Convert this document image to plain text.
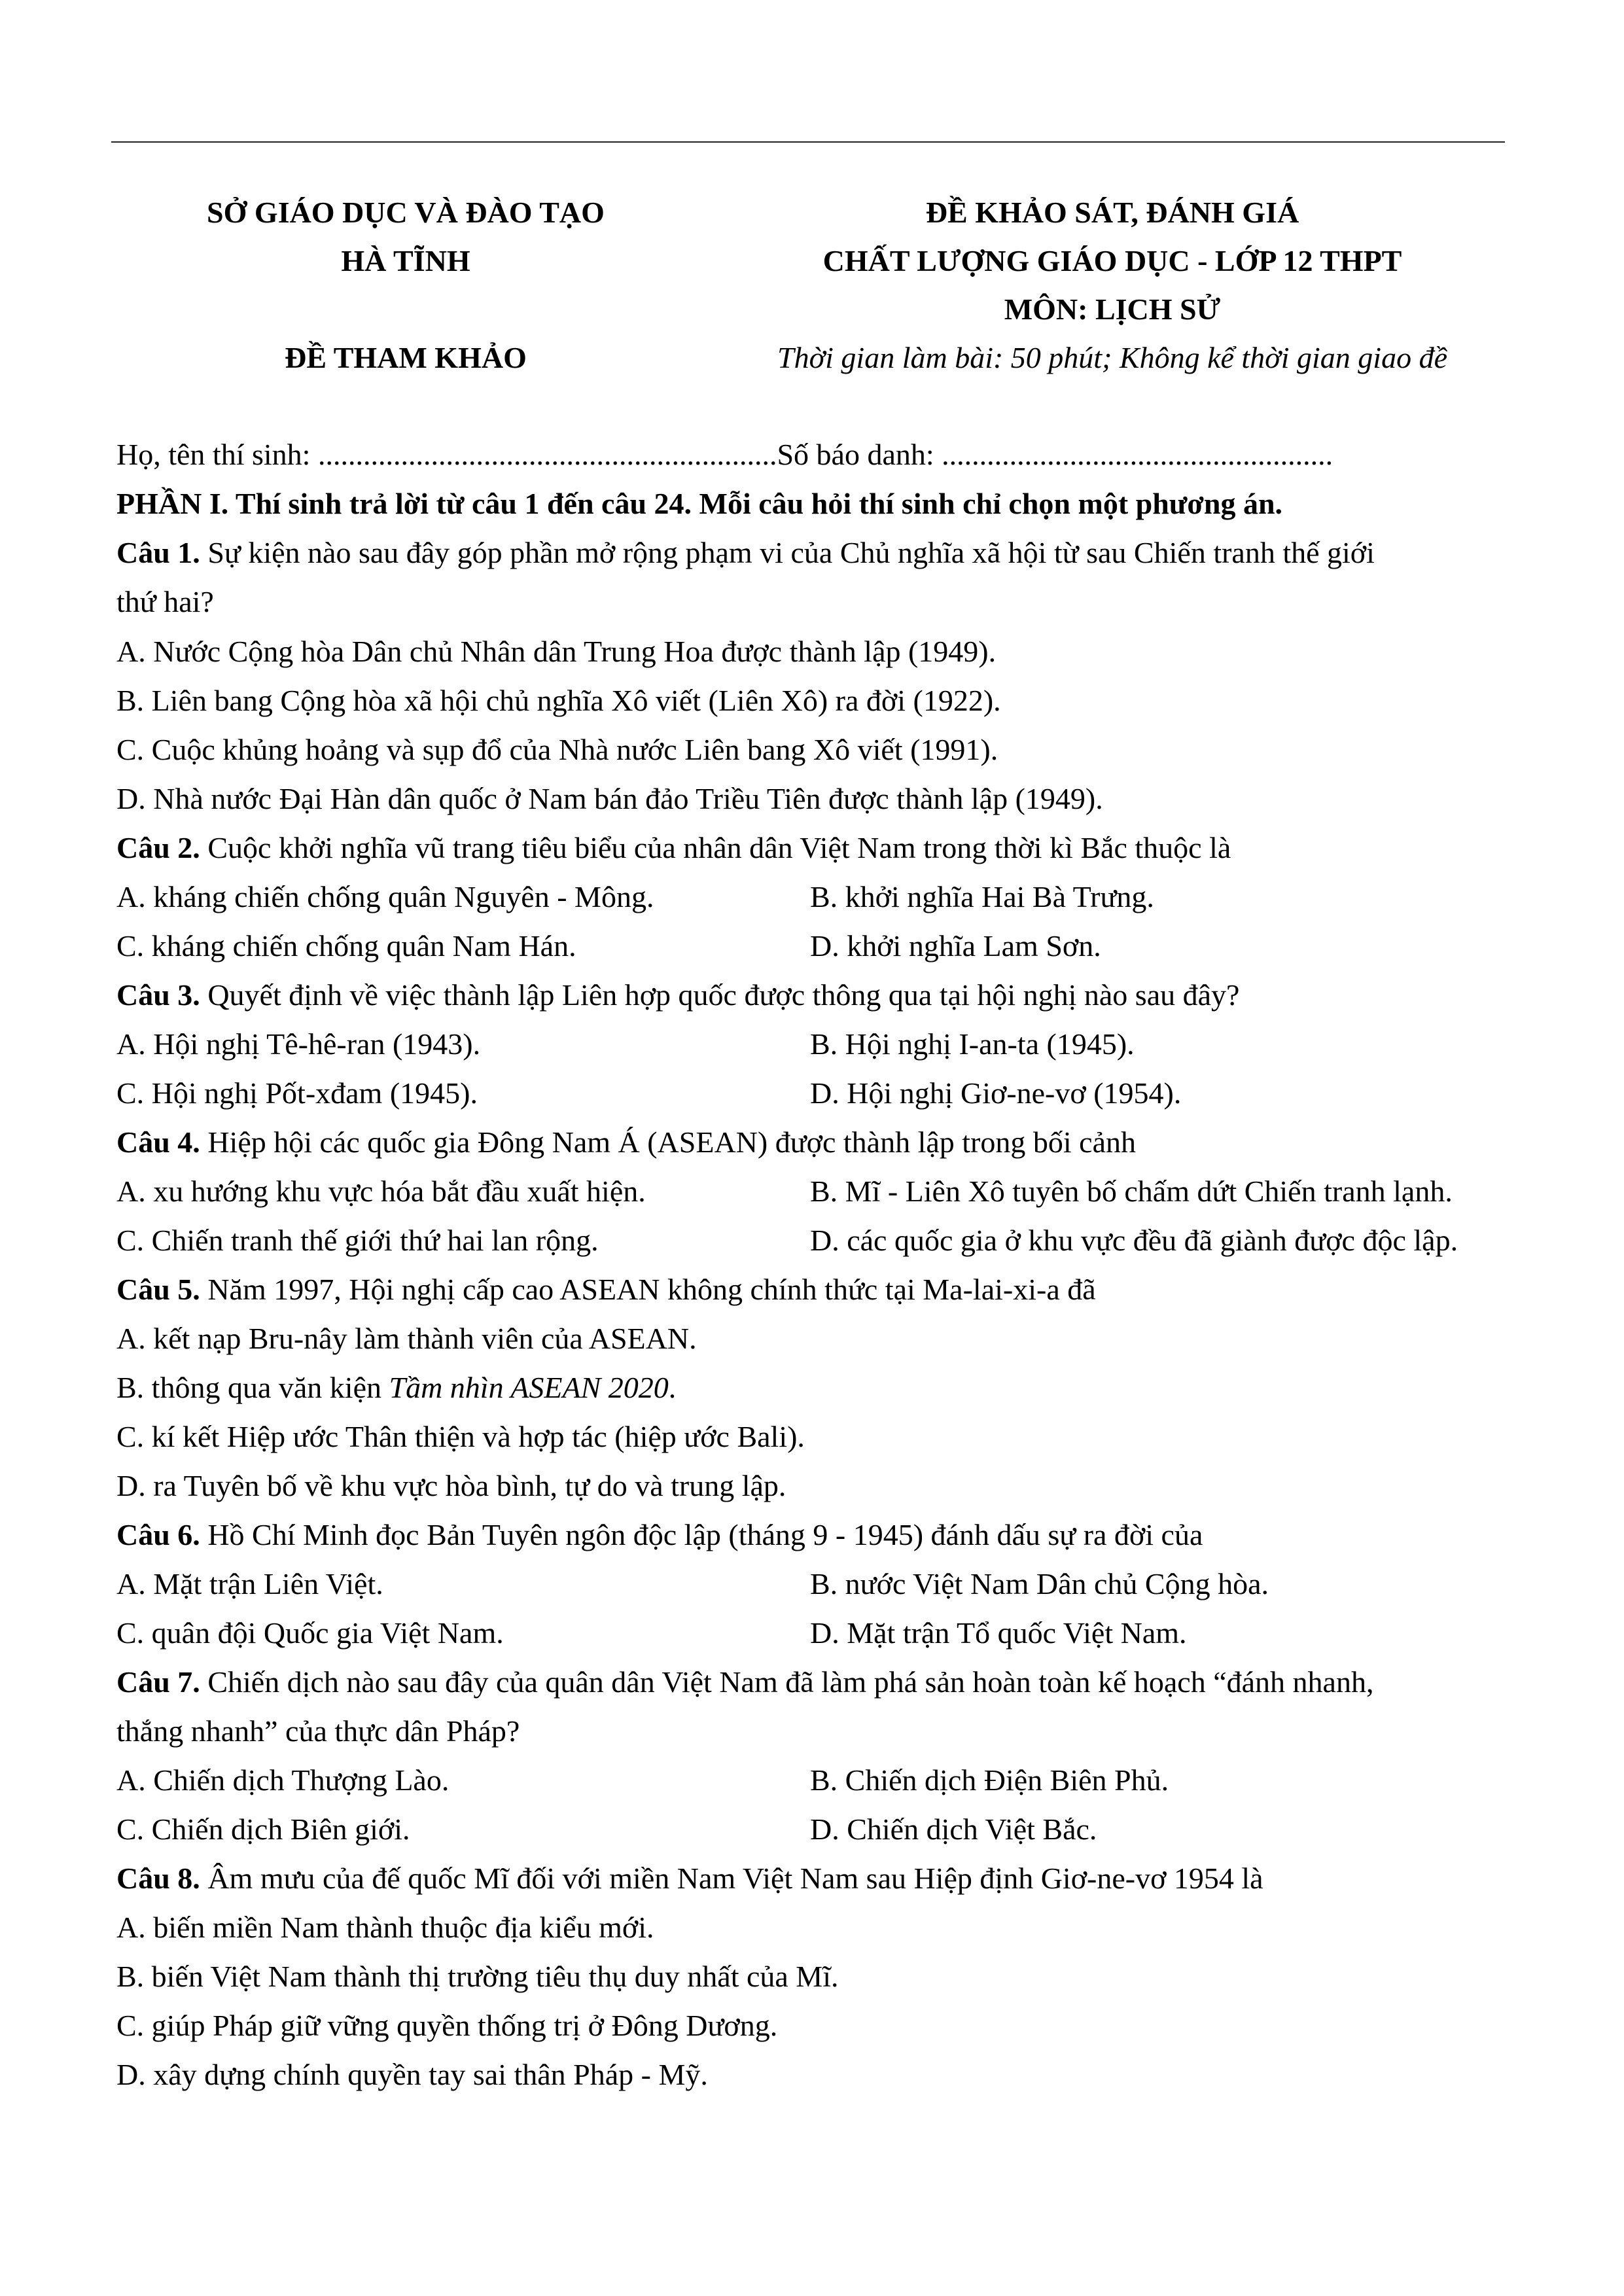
SỞ GIÁO DỤC VÀ ĐÀO TẠO
HÀ TĨNH
ĐỀ THAM KHẢO
ĐỀ KHẢO SÁT, ĐÁNH GIÁ
CHẤT LƯỢNG GIÁO DỤC - LỚP 12 THPT
MÔN: LỊCH SỬ
Thời gian làm bài: 50 phút; Không kể thời gian giao đề
Họ, tên thí sinh: .............................................................Số báo danh: ....................................................
PHẦN I. Thí sinh trả lời từ câu 1 đến câu 24. Mỗi câu hỏi thí sinh chỉ chọn một phương án.
Câu 1. Sự kiện nào sau đây góp phần mở rộng phạm vi của Chủ nghĩa xã hội từ sau Chiến tranh thế giới
thứ hai?
A. Nước Cộng hòa Dân chủ Nhân dân Trung Hoa được thành lập (1949).
B. Liên bang Cộng hòa xã hội chủ nghĩa Xô viết (Liên Xô) ra đời (1922).
C. Cuộc khủng hoảng và sụp đổ của Nhà nước Liên bang Xô viết (1991).
D. Nhà nước Đại Hàn dân quốc ở Nam bán đảo Triều Tiên được thành lập (1949).
Câu 2. Cuộc khởi nghĩa vũ trang tiêu biểu của nhân dân Việt Nam trong thời kì Bắc thuộc là
A. kháng chiến chống quân Nguyên - Mông.	B. khởi nghĩa Hai Bà Trưng.
C. kháng chiến chống quân Nam Hán.	D. khởi nghĩa Lam Sơn.
Câu 3. Quyết định về việc thành lập Liên hợp quốc được thông qua tại hội nghị nào sau đây?
A. Hội nghị Tê-hê-ran (1943).	B. Hội nghị I-an-ta (1945).
C. Hội nghị Pốt-xđam (1945).	D. Hội nghị Giơ-ne-vơ (1954).
Câu 4. Hiệp hội các quốc gia Đông Nam Á (ASEAN) được thành lập trong bối cảnh
A. xu hướng khu vực hóa bắt đầu xuất hiện.	B. Mĩ - Liên Xô tuyên bố chấm dứt Chiến tranh lạnh.
C. Chiến tranh thế giới thứ hai lan rộng.	D. các quốc gia ở khu vực đều đã giành được độc lập.
Câu 5. Năm 1997, Hội nghị cấp cao ASEAN không chính thức tại Ma-lai-xi-a đã
A. kết nạp Bru-nây làm thành viên của ASEAN.
B. thông qua văn kiện Tầm nhìn ASEAN 2020.
C. kí kết Hiệp ước Thân thiện và hợp tác (hiệp ước Bali).
D. ra Tuyên bố về khu vực hòa bình, tự do và trung lập.
Câu 6. Hồ Chí Minh đọc Bản Tuyên ngôn độc lập (tháng 9 - 1945) đánh dấu sự ra đời của
A. Mặt trận Liên Việt.	B. nước Việt Nam Dân chủ Cộng hòa.
C. quân đội Quốc gia Việt Nam.	D. Mặt trận Tổ quốc Việt Nam.
Câu 7. Chiến dịch nào sau đây của quân dân Việt Nam đã làm phá sản hoàn toàn kế hoạch “đánh nhanh,
thắng nhanh” của thực dân Pháp?
A. Chiến dịch Thượng Lào.	B. Chiến dịch Điện Biên Phủ.
C. Chiến dịch Biên giới.	D. Chiến dịch Việt Bắc.
Câu 8. Âm mưu của đế quốc Mĩ đối với miền Nam Việt Nam sau Hiệp định Giơ-ne-vơ 1954 là
A. biến miền Nam thành thuộc địa kiểu mới.
B. biến Việt Nam thành thị trường tiêu thụ duy nhất của Mĩ.
C. giúp Pháp giữ vững quyền thống trị ở Đông Dương.
D. xây dựng chính quyền tay sai thân Pháp - Mỹ.
